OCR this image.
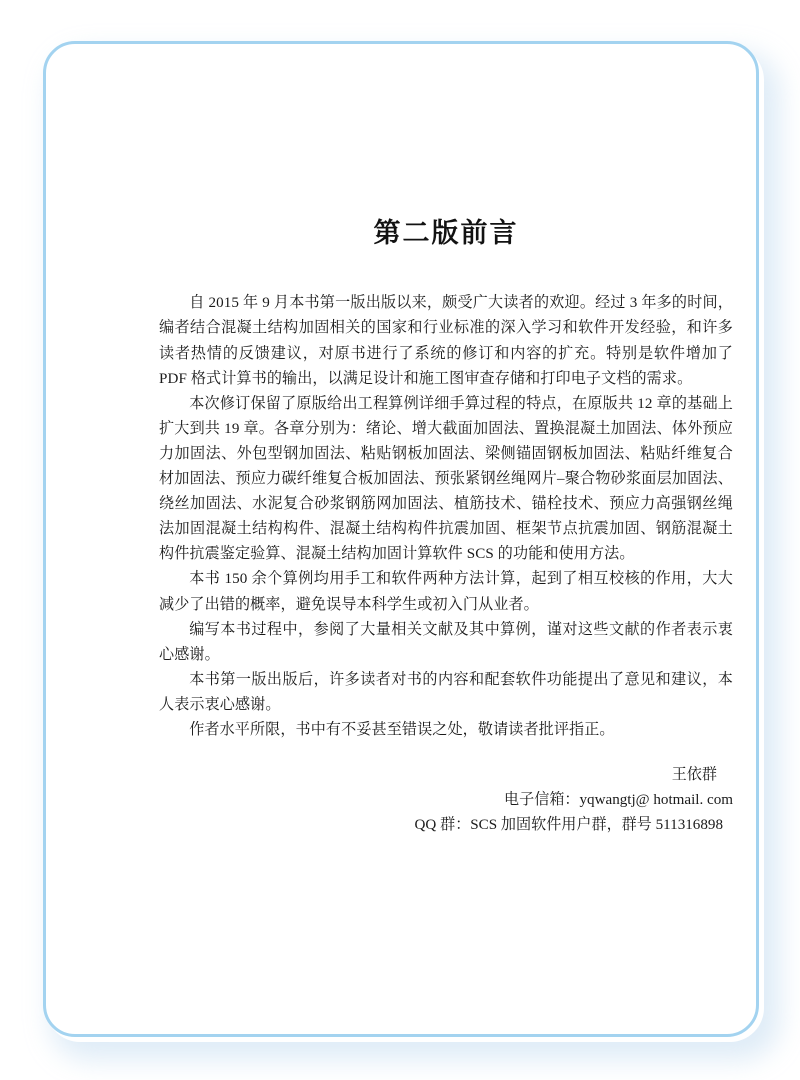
第二版前言

自 2015 年 9 月本书第一版出版以来，颇受广大读者的欢迎。经过 3 年多的时间，编者结合混凝土结构加固相关的国家和行业标准的深入学习和软件开发经验，和许多读者热情的反馈建议，对原书进行了系统的修订和内容的扩充。特别是软件增加了 PDF 格式计算书的输出，以满足设计和施工图审查存储和打印电子文档的需求。

本次修订保留了原版给出工程算例详细手算过程的特点，在原版共 12 章的基础上扩大到共 19 章。各章分别为：绪论、增大截面加固法、置换混凝土加固法、体外预应力加固法、外包型钢加固法、粘贴钢板加固法、梁侧锚固钢板加固法、粘贴纤维复合材加固法、预应力碳纤维复合板加固法、预张紧钢丝绳网片–聚合物砂浆面层加固法、绕丝加固法、水泥复合砂浆钢筋网加固法、植筋技术、锚栓技术、预应力高强钢丝绳法加固混凝土结构构件、混凝土结构构件抗震加固、框架节点抗震加固、钢筋混凝土构件抗震鉴定验算、混凝土结构加固计算软件 SCS 的功能和使用方法。

本书 150 余个算例均用手工和软件两种方法计算，起到了相互校核的作用，大大减少了出错的概率，避免误导本科学生或初入门从业者。

编写本书过程中，参阅了大量相关文献及其中算例，谨对这些文献的作者表示衷心感谢。

本书第一版出版后，许多读者对书的内容和配套软件功能提出了意见和建议，本人表示衷心感谢。

作者水平所限，书中有不妥甚至错误之处，敬请读者批评指正。

王依群
电子信箱：yqwangtj@ hotmail. com
QQ 群：SCS 加固软件用户群，群号 511316898
